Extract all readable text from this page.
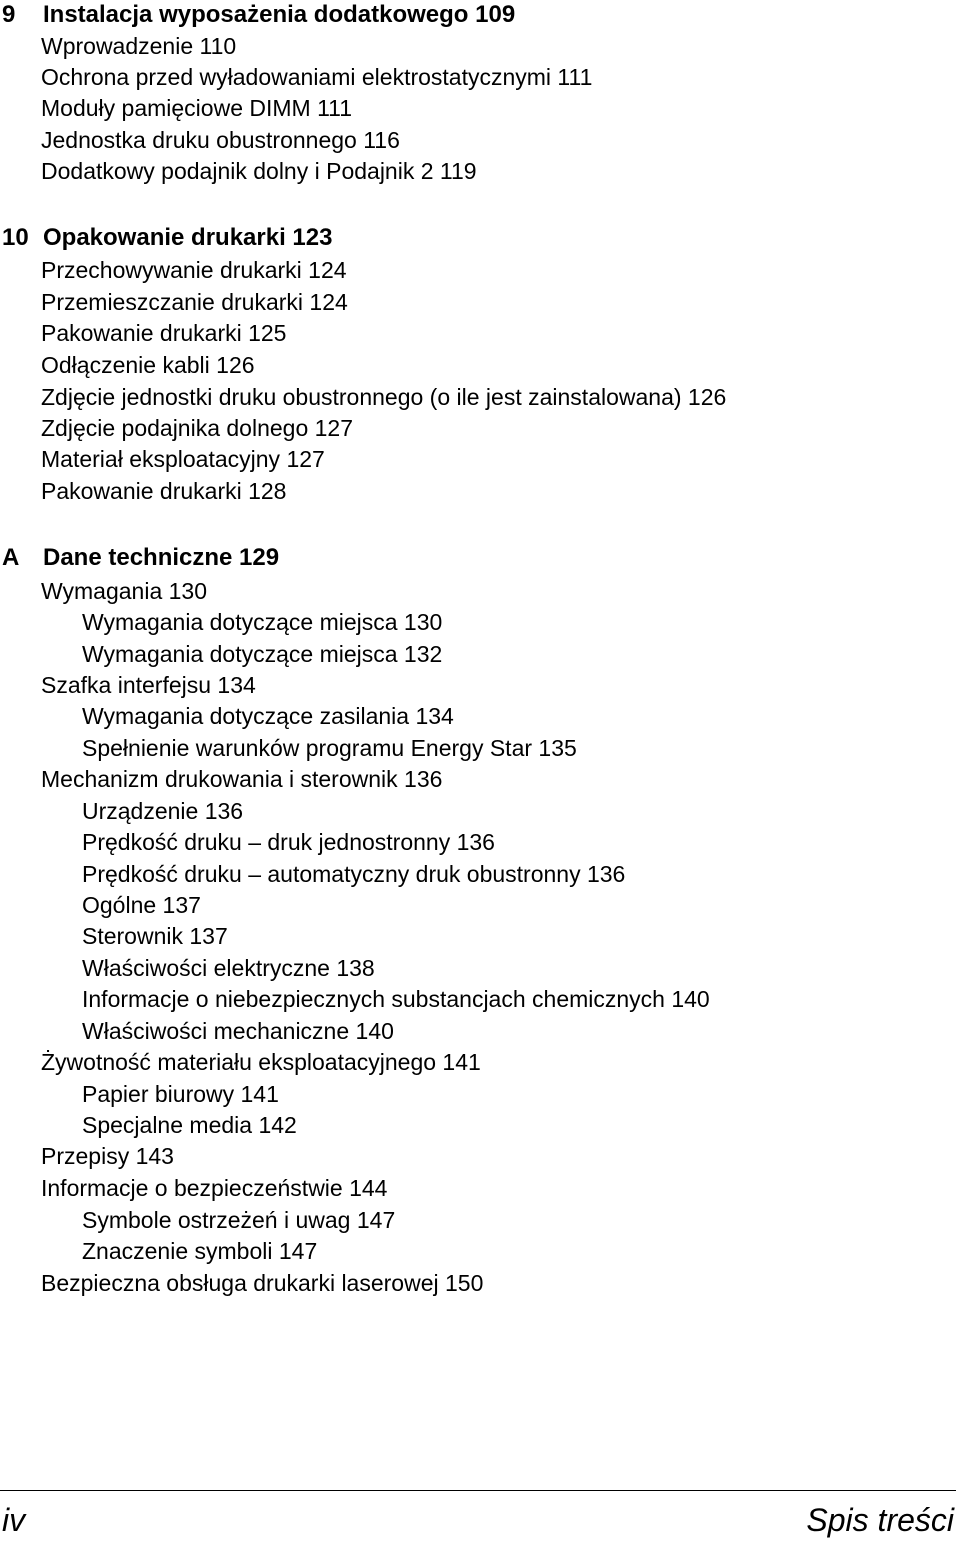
9 Instalacja wyposażenia dodatkowego 109
Wprowadzenie 110
Ochrona przed wyładowaniami elektrostatycznymi 111
Moduły pamięciowe DIMM 111
Jednostka druku obustronnego 116
Dodatkowy podajnik dolny i Podajnik 2 119
10 Opakowanie drukarki 123
Przechowywanie drukarki 124
Przemieszczanie drukarki 124
Pakowanie drukarki 125
Odłączenie kabli 126
Zdjęcie jednostki druku obustronnego (o ile jest zainstalowana) 126
Zdjęcie podajnika dolnego 127
Materiał eksploatacyjny 127
Pakowanie drukarki 128
A Dane techniczne 129
Wymagania 130
Wymagania dotyczące miejsca 130
Wymagania dotyczące miejsca 132
Szafka interfejsu 134
Wymagania dotyczące zasilania 134
Spełnienie warunków programu Energy Star 135
Mechanizm drukowania i sterownik 136
Urządzenie 136
Prędkość druku – druk jednostronny 136
Prędkość druku – automatyczny druk obustronny 136
Ogólne 137
Sterownik 137
Właściwości elektryczne 138
Informacje o niebezpiecznych substancjach chemicznych 140
Właściwości mechaniczne 140
Żywotność materiału eksploatacyjnego 141
Papier biurowy 141
Specjalne media 142
Przepisy 143
Informacje o bezpieczeństwie 144
Symbole ostrzeżeń i uwag 147
Znaczenie symboli 147
Bezpieczna obsługa drukarki laserowej 150
iv	Spis treści
